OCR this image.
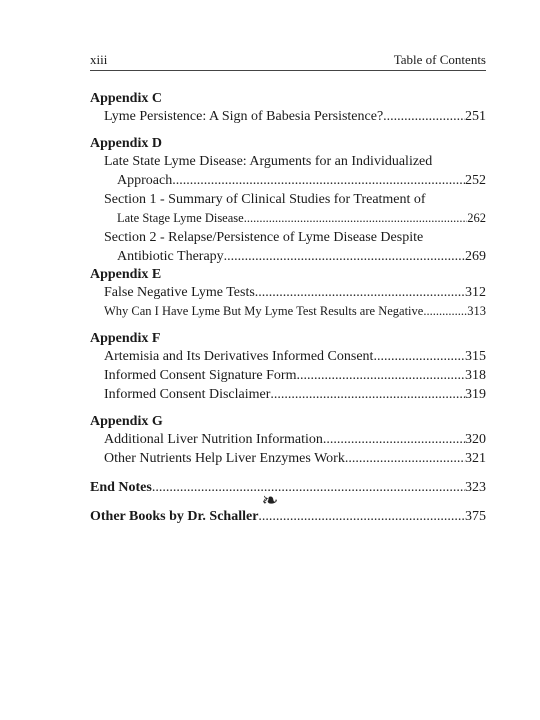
xiii	Table of Contents
Appendix C
Lyme Persistence: A Sign of Babesia Persistence? .....	251
Appendix D
Late State Lyme Disease: Arguments for an Individualized
Approach .....	252
Section 1 - Summary of Clinical Studies for Treatment of
Late Stage Lyme Disease .....	262
Section 2 - Relapse/Persistence of Lyme Disease Despite
Antibiotic Therapy .....	269
Appendix E
False Negative Lyme Tests .....	312
Why Can I Have Lyme But My Lyme Test Results are Negative .....	313
Appendix F
Artemisia and Its Derivatives Informed Consent .....	315
Informed Consent Signature Form .....	318
Informed Consent Disclaimer .....	319
Appendix G
Additional Liver Nutrition Information .....	320
Other Nutrients Help Liver Enzymes Work .....	321
End Notes .....	323
Other Books by Dr. Schaller .....	375
❧
